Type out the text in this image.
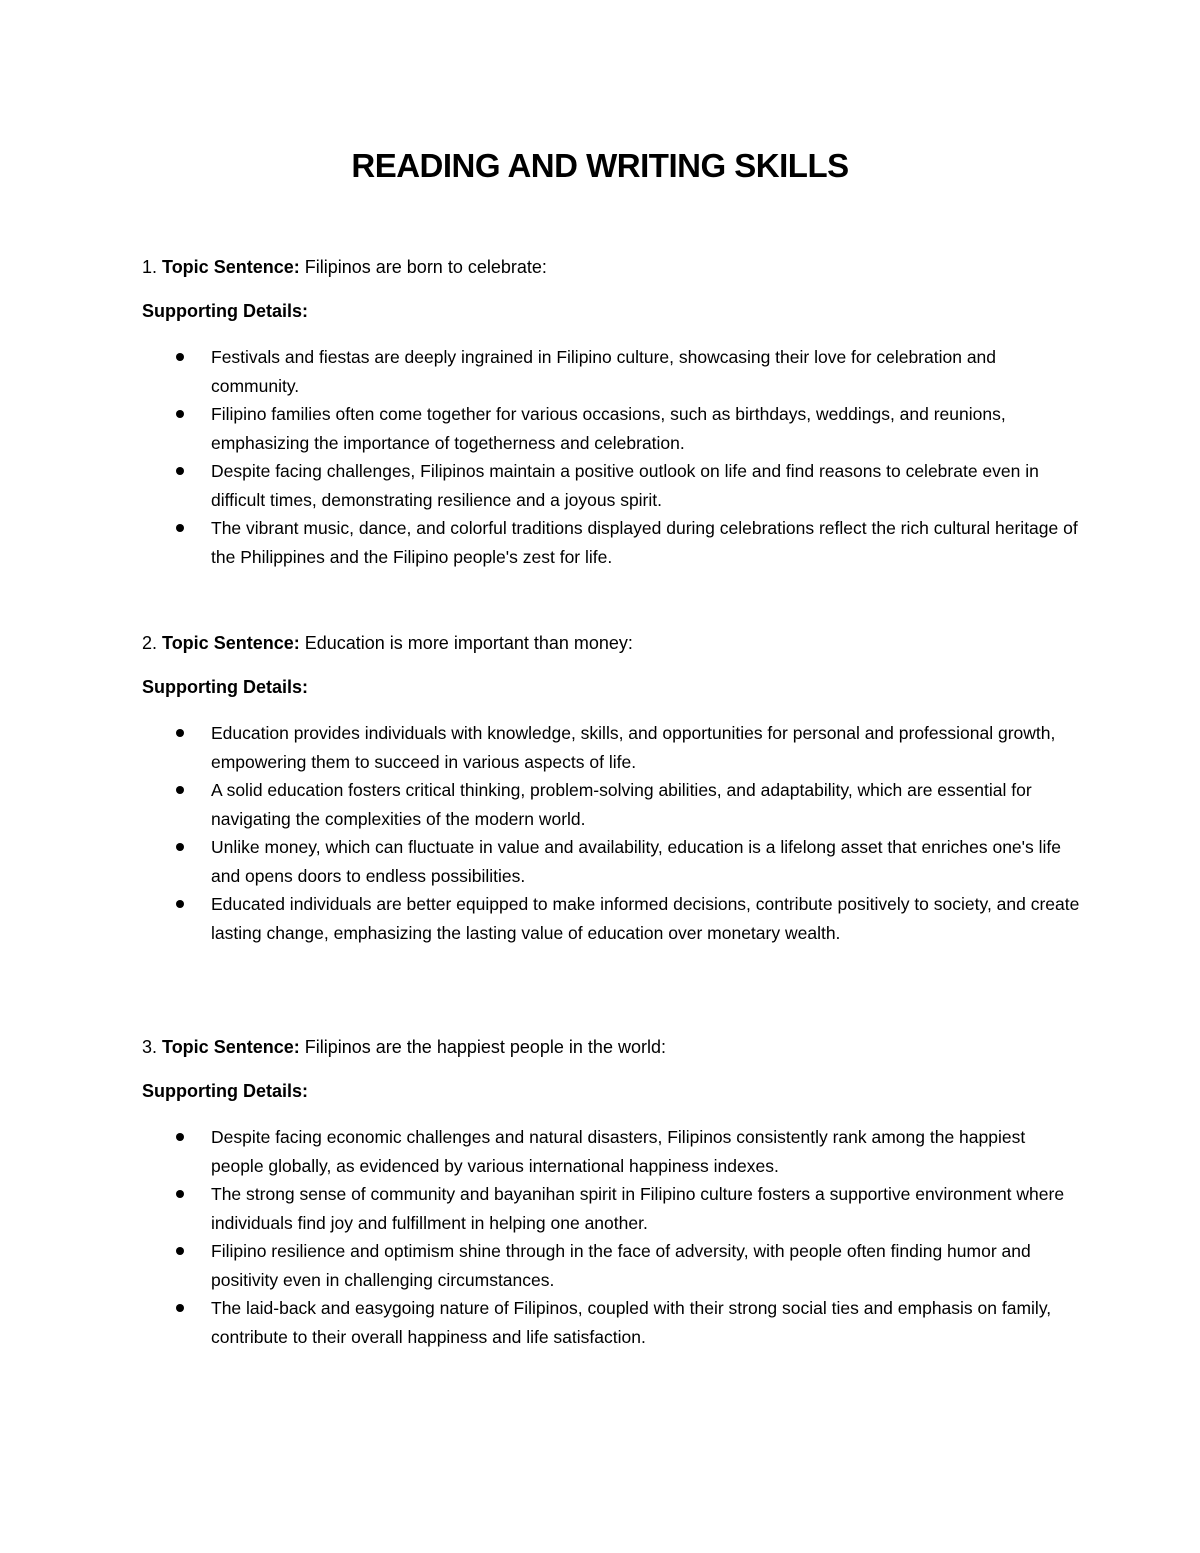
READING AND WRITING SKILLS
1. Topic Sentence: Filipinos are born to celebrate:
Supporting Details:
Festivals and fiestas are deeply ingrained in Filipino culture, showcasing their love for celebration and community.
Filipino families often come together for various occasions, such as birthdays, weddings, and reunions, emphasizing the importance of togetherness and celebration.
Despite facing challenges, Filipinos maintain a positive outlook on life and find reasons to celebrate even in difficult times, demonstrating resilience and a joyous spirit.
The vibrant music, dance, and colorful traditions displayed during celebrations reflect the rich cultural heritage of the Philippines and the Filipino people's zest for life.
2. Topic Sentence: Education is more important than money:
Supporting Details:
Education provides individuals with knowledge, skills, and opportunities for personal and professional growth, empowering them to succeed in various aspects of life.
A solid education fosters critical thinking, problem-solving abilities, and adaptability, which are essential for navigating the complexities of the modern world.
Unlike money, which can fluctuate in value and availability, education is a lifelong asset that enriches one's life and opens doors to endless possibilities.
Educated individuals are better equipped to make informed decisions, contribute positively to society, and create lasting change, emphasizing the lasting value of education over monetary wealth.
3. Topic Sentence: Filipinos are the happiest people in the world:
Supporting Details:
Despite facing economic challenges and natural disasters, Filipinos consistently rank among the happiest people globally, as evidenced by various international happiness indexes.
The strong sense of community and bayanihan spirit in Filipino culture fosters a supportive environment where individuals find joy and fulfillment in helping one another.
Filipino resilience and optimism shine through in the face of adversity, with people often finding humor and positivity even in challenging circumstances.
The laid-back and easygoing nature of Filipinos, coupled with their strong social ties and emphasis on family, contribute to their overall happiness and life satisfaction.
